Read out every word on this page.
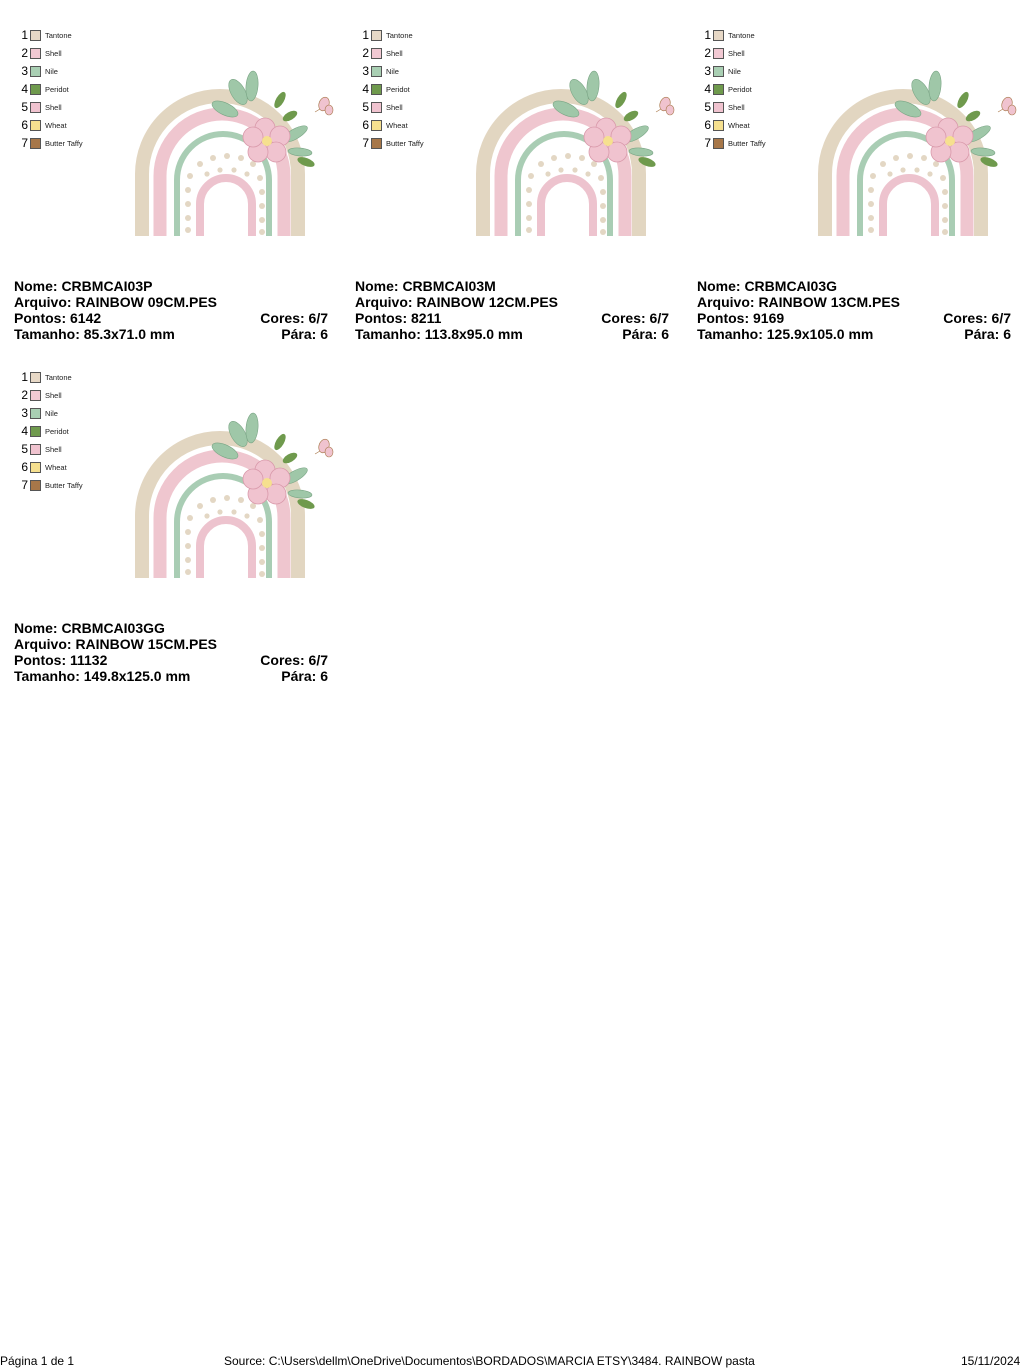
1 Tantone
2 Shell
3 Nile
4 Peridot
5 Shell
6 Wheat
7 Butter Taffy
Nome: CRBMCAI03P
Arquivo: RAINBOW 09CM.PES
Pontos: 6142	Cores: 6/7
Tamanho: 85.3x71.0 mm	Pára: 6
1 Tantone
2 Shell
3 Nile
4 Peridot
5 Shell
6 Wheat
7 Butter Taffy
Nome: CRBMCAI03M
Arquivo: RAINBOW 12CM.PES
Pontos: 8211	Cores: 6/7
Tamanho: 113.8x95.0 mm	Pára: 6
1 Tantone
2 Shell
3 Nile
4 Peridot
5 Shell
6 Wheat
7 Butter Taffy
Nome: CRBMCAI03G
Arquivo: RAINBOW 13CM.PES
Pontos: 9169	Cores: 6/7
Tamanho: 125.9x105.0 mm	Pára: 6
1 Tantone
2 Shell
3 Nile
4 Peridot
5 Shell
6 Wheat
7 Butter Taffy
Nome: CRBMCAI03GG
Arquivo: RAINBOW 15CM.PES
Pontos: 11132	Cores: 6/7
Tamanho: 149.8x125.0 mm	Pára: 6
Página 1 de 1	Source: C:\Users\dellm\OneDrive\Documentos\BORDADOS\MARCIA ETSY\3484. RAINBOW pasta	15/11/2024
